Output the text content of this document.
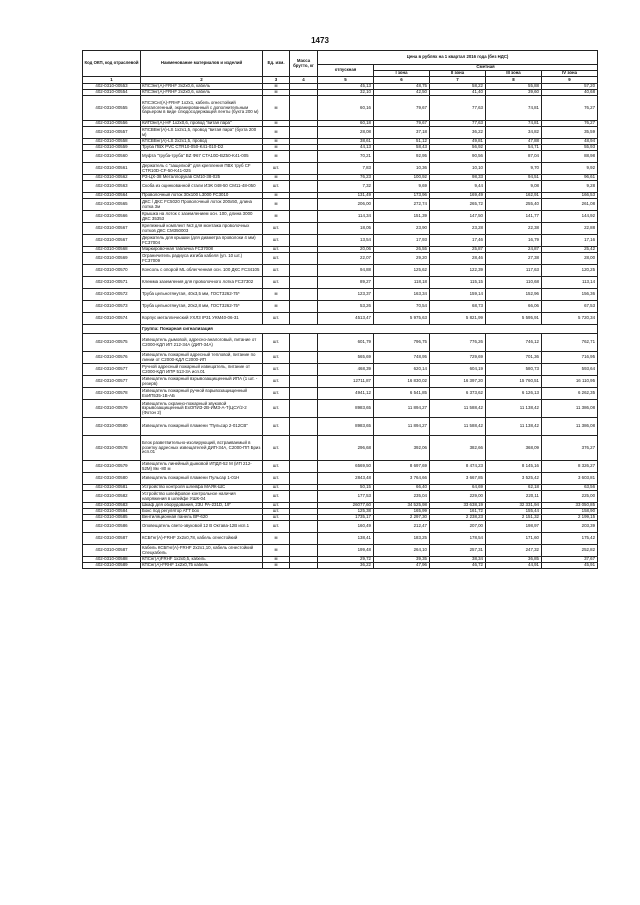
1473
Код ОКП, код отраслевой	Наименование материалов и изделий	Ед. изм.	Масса брутто, кг	Цена в рублях на 1 квартал 2016 года (без НДС)				
				отпускная	Сметная			
					I зона	II зона	III зона	IV зона
1	2	3	4	5	6	7	8	9
402-0310-00553	КПСЭнг(А)-FRHF 3х2х0,6, кабель	м		45,13	48,75	58,22	55,88	57,20
402-0310-00554	КПСЭнг(А)-FRHF 2х2х0,6, кабель	м		32,10	42,50	41,40	39,60	40,68
402-0310-00555	КПСЭСнг(А)-FRHF 1х2х1, кабель огнестойкий безгалогенный, экранированный с дополнительным барьером в виде слюдосодержащей ленты (бухта 200 м)	м		60,16	79,67	77,63	74,81	76,27
402-0310-00556	КИПЭнг(А)-HF 1х2х0,6, провод "витая пара"	м		60,18	79,67	77,63	74,81	76,27
402-0310-00557	КПСВВнг(А)-LS 1х2х1,5, провод "витая пара" (бухта 200 м)	м		28,08	37,18	36,22	34,82	35,59
402-0310-00558	КПСВВнг(А)-LS 2х2х1,5, провод	м		38,61	51,12	49,81	47,88	48,94
402-0310-00559	Труба ПВХ PVC CTR10-050-K41-010-D2	м		44,13	58,43	56,92	54,71	55,93
402-0310-00560	Муфта "труба-труба" BZ Ф67 CTA10D-BZ50-K41-005	м		70,21	92,95	90,56	87,04	88,98
402-0310-00561	Держатель с "защелкой" для крепления ПВХ труб CF CTR10D-CF-50-K41-025	шт.		7,83	10,36	10,10	9,70	9,92
402-0310-00562	РЗ-ЦХ-38 Металлорукав СМ10-38-025	м		76,23	100,92	98,33	94,51	96,61
402-0310-00563	Скоба из оцинкованной стали ИЭК 048-50 СМ11-48-050	шт.		7,32	9,69	9,44	9,08	9,28
402-0310-00564	Проволочный лоток 30х100 L3000 FC3010	м		131,49	173,96	169,49	162,91	166,53
402-0310-00565	ДКС / ДКС FC5020 Проволочный лоток 200х50, длина лотка 3м	м		206,00	272,74	265,72	255,40	261,08
402-0310-00566	Крышка на лоток с заземлением осн. 100, длина 3000 ДКС 35353	м		114,34	151,39	147,50	141,77	144,92
402-0310-00567	Крепежный комплект №3 для монтажа проволочных лотков ДКС CM350003	шт.		18,05	23,90	23,28	22,38	22,88
402-0310-00567	Держатель для крышки (для диаметра проволоки 4 мм) FC37004	шт.		13,54	17,93	17,46	16,79	17,16
402-0310-00568	Маркировочная табличка FC37008	шт.		20,06	26,55	25,87	24,87	25,42
402-0310-00569	Ограничитель радиуса изгиба кабеля (уп. 10 шт.) FC37009	шт.		22,07	29,20	28,46	27,38	28,00
402-0310-00570	Консоль с опорой МL облегченная осн. 100 ДКС FC34105	шт.		94,88	125,62	122,39	117,63	120,25
402-0310-00571	Клемма заземления для проволочного лотка FC37302	шт.		89,27	118,18	115,15	110,68	113,14
402-0310-00572	Труба цельнотянутая, 40х3,5 мм, ГОСТ3262-75*	м		123,37	163,34	159,14	152,96	156,36
402-0310-00573	Труба цельнотянутая, 20х2,8 мм, ГОСТ3262-75*	м		53,26	70,54	68,73	66,06	67,53
402-0310-00574	Корпус металлический УХЛ3 IP31 УКМ40-06-31	шт.		4513,47	5 975,63	5 821,99	5 595,91	5 720,34
	Группа: Пожарная сигнализация							
402-0310-00575	Извещатель дымовой, адресно-аналоговый, питание от С2000-КДЛ ИП 212-34А (ДИП-34А)	шт.		601,79	796,75	776,26	746,12	762,71
402-0310-00576	Извещатель пожарный адресный тепловой, питание по линии от С2000-КДЛ С2000-ИП	шт.		565,69	748,95	729,69	701,36	716,95
402-0310-00577	Ручной адресный пожарный извещатель, питание от С2000-КДЛ ИПР 513-3А исп.01	шт.		468,39	620,14	604,19	580,73	593,64
402-0310-00577	Извещатель пожарный взрывозащищенный ИПА (1 шт. - резерв)	шт.		12711,87	16 830,02	16 397,20	15 760,51	16 110,95
402-0310-00578	Извещатель пожарный ручной взрывозащищенный ExИП535-1В-АБ	шт.		4941,12	6 541,85	6 373,62	6 126,13	6 262,35
402-0310-00579	Извещатель охранно-пожарный звуковой взрывозащищенный ExОПИЗ-2В-ИМЗ-А-Т(ЦСУ/2-2 (Фотон 2)	шт.		8983,65	11 894,27	11 588,42	11 138,42	11 386,08
402-0310-00580	Извещатель пожарный пламени "Пульсар 2-012СВ"	шт.		8983,65	11 894,27	11 588,42	11 138,42	11 386,08
402-0310-00578	Блок разветвительно-изолирующий, встраиваемый в розетку адресных извещателей ДИП-34А, С2000-ПП Бриз исп.01	шт.		296,68	392,06	382,66	368,09	376,27
402-0310-00579	Извещатель линейный дымовой ИПДЛ-52 М (ИП 212-52М) 8м -80 м	шт.		6569,50	8 697,69	8 474,23	8 145,16	8 326,27
402-0310-00580	Извещатель пожарный пламени Пульсар 1-01Н	шт.		2843,48	3 764,66	3 667,85	3 525,42	3 603,81
402-0310-00581	Устройство контроля шлейфа МАЯК-ШС	шт.		50,15	66,40	64,69	62,18	63,56
402-0310-00582	Устройство шлейфовое контрольное наличия напряжения в шлейфе УШК-04	шт.		177,53	235,04	229,00	220,11	225,00
402-0310-00583	Шкаф для оборудования, 23U PA-231D, 19"	шт.		26077,60	34 525,98	33 638,19	32 331,94	33 050,85
402-0310-00584	Бокс под регулятор АТТ box	шт.		125,38	165,99	161,72	155,44	158,90
402-0310-00585	Вентиляционная панель ВР-620	шт.		1735,17	2 297,30	2 238,23	2 151,32	2 199,15
402-0310-00586	Оповещатель свето-звуковой 12 В Октава-12В исп.1	шт.		160,49	212,47	207,00	198,97	203,39
402-0310-00587	КСБГнг(А)-FRHF 2х2х0,78, кабель огнестойкий	м		138,41	183,25	178,54	171,60	175,42
402-0310-00587	Кабель КСБГнг(А)-FRHF 2х2х1,10, кабель огнестойкий Спецкабель	м		199,48	264,10	257,31	247,32	252,82
402-0310-00588	КПСнг(А)FRHF 1х2х0,5, кабель	м		29,72	39,35	38,34	36,85	37,67
402-0310-00589	КПСнг(А)-FRHF 1х2х0,75 кабель	м		36,22	47,96	46,72	44,91	45,91
